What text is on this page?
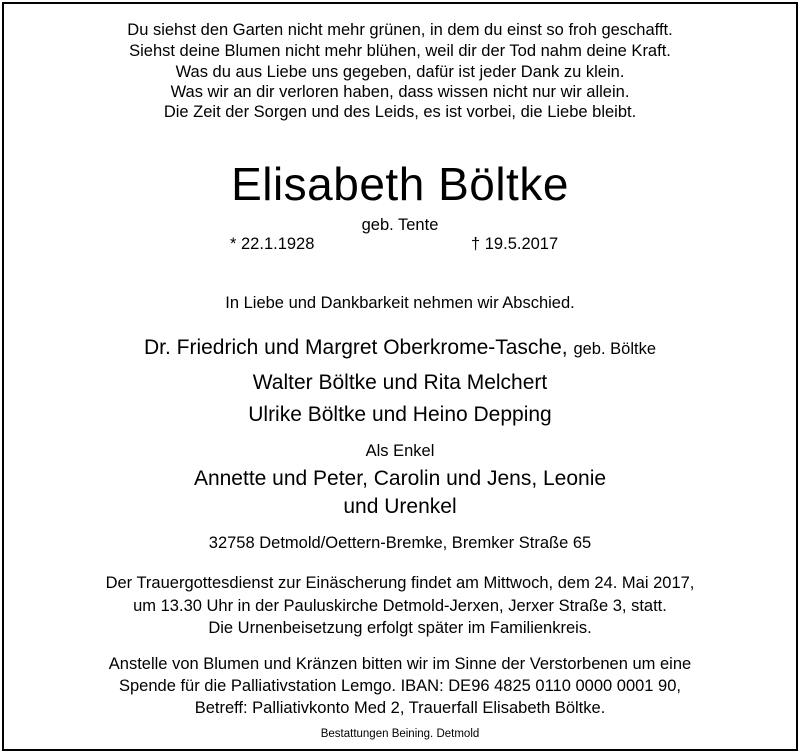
Du siehst den Garten nicht mehr grünen, in dem du einst so froh geschafft.
Siehst deine Blumen nicht mehr blühen, weil dir der Tod nahm deine Kraft.
Was du aus Liebe uns gegeben, dafür ist jeder Dank zu klein.
Was wir an dir verloren haben, dass wissen nicht nur wir allein.
Die Zeit der Sorgen und des Leids, es ist vorbei, die Liebe bleibt.
Elisabeth Böltke
geb. Tente
* 22.1.1928	† 19.5.2017
In Liebe und Dankbarkeit nehmen wir Abschied.
Dr. Friedrich und Margret Oberkrome-Tasche, geb. Böltke
Walter Böltke und Rita Melchert
Ulrike Böltke und Heino Depping
Als Enkel
Annette und Peter, Carolin und Jens, Leonie
und Urenkel
32758 Detmold/Oettern-Bremke, Bremker Straße 65
Der Trauergottesdienst zur Einäscherung findet am Mittwoch, dem 24. Mai 2017,
um 13.30 Uhr in der Pauluskirche Detmold-Jerxen, Jerxer Straße 3, statt.
Die Urnenbeisetzung erfolgt später im Familienkreis.
Anstelle von Blumen und Kränzen bitten wir im Sinne der Verstorbenen um eine
Spende für die Palliativstation Lemgo. IBAN: DE96 4825 0110 0000 0001 90,
Betreff: Palliativkonto Med 2, Trauerfall Elisabeth Böltke.
Bestattungen Beining. Detmold
